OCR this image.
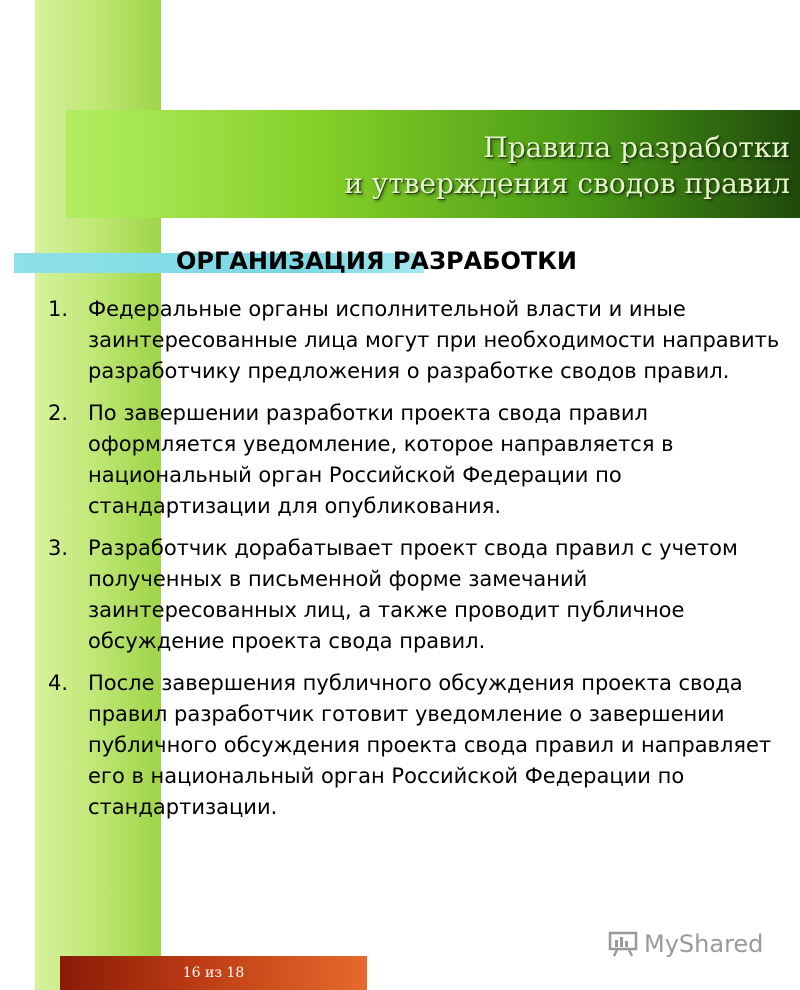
Правила разработки
и утверждения сводов правил
ОРГАНИЗАЦИЯ РАЗРАБОТКИ
1. Федеральные органы исполнительной власти и иные заинтересованные лица могут при необходимости направить разработчику предложения о разработке сводов правил.
2. По завершении разработки проекта свода правил оформляется уведомление, которое направляется в национальный орган Российской Федерации по стандартизации для опубликования.
3. Разработчик дорабатывает проект свода правил с учетом полученных в письменной форме замечаний заинтересованных лиц, а также проводит публичное обсуждение проекта свода правил.
4. После завершения публичного обсуждения проекта свода правил разработчик готовит уведомление о завершении публичного обсуждения проекта свода правил и направляет его в национальный орган Российской Федерации по стандартизации.
16 из 18
MyShared
